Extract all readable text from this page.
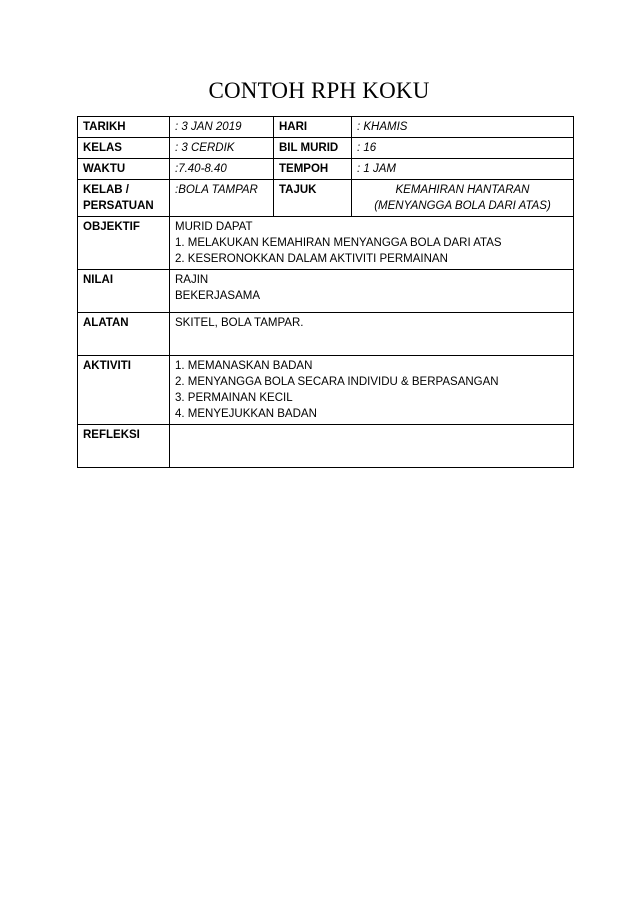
CONTOH RPH KOKU
TARIKH	: 3 JAN 2019	HARI	: KHAMIS
KELAS	: 3 CERDIK	BIL MURID	: 16
WAKTU	:7.40-8.40	TEMPOH	: 1 JAM

KELAB /
PERSATUAN	:BOLA TAMPAR	TAJUK	KEMAHIRAN HANTARAN
(MENYANGGA BOLA DARI ATAS)

OBJEKTIF	MURID DAPAT
1. MELAKUKAN KEMAHIRAN MENYANGGA BOLA DARI ATAS
2. KESERONOKKAN DALAM AKTIVITI PERMAINAN		

NILAI	RAJIN
BEKERJASAMA		

ALATAN	SKITEL, BOLA TAMPAR.		

AKTIVITI	1. MEMANASKAN BADAN
2. MENYANGGA BOLA SECARA INDIVIDU & BERPASANGAN
3. PERMAINAN KECIL
4. MENYEJUKKAN BADAN		

REFLEKSI			
